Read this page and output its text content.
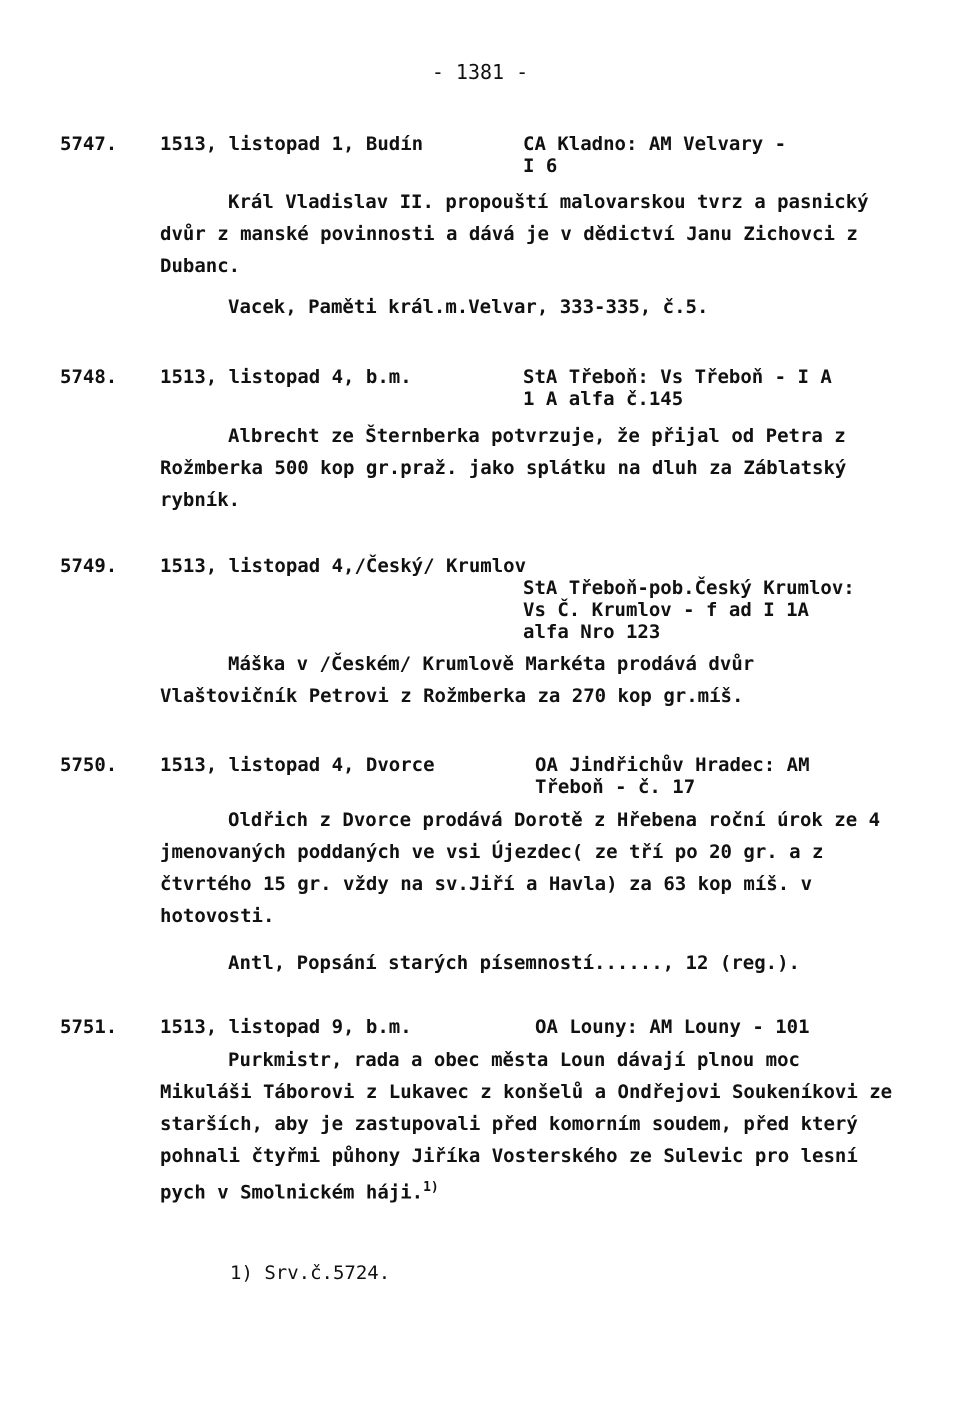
- 1381 -
5747. 1513, listopad 1, Budín	CA Kladno: AM Velvary -
I 6
Král Vladislav II. propouští malovarskou tvrz a pasnický dvůr z manské povinnosti a dává je v dědictví Janu Zichovci z Dubanc.
Vacek, Paměti král.m.Velvar, 333-335, č.5.
5748. 1513, listopad 4, b.m.	StA Třeboň: Vs Třeboň - I A
1 A alfa č.145
Albrecht ze Šternberka potvrzuje, že přijal od Petra z Rožmberka 500 kop gr.praž. jako splátku na dluh za Záblatský rybník.
5749. 1513, listopad 4,/Český/ Krumlov
StA Třeboň-pob.Český Krumlov:
Vs Č. Krumlov - f ad I 1A
alfa Nro 123
Máška v /Českém/ Krumlově Markéta prodává dvůr Vlaštovičník Petrovi z Rožmberka za 270 kop gr.míš.
5750. 1513, listopad 4, Dvorce	OA Jindřichův Hradec: AM
Třeboň - č. 17
Oldřich z Dvorce prodává Dorotě z Hřebena roční úrok ze 4 jmenovaných poddaných ve vsi Újezdec( ze tří po 20 gr. a z čtvrtého 15 gr. vždy na sv.Jiří a Havla) za 63 kop míš. v hotovosti.
Antl, Popsání starých písemností......, 12 (reg.).
5751. 1513, listopad 9, b.m.	OA Louny: AM Louny - 101
Purkmistr, rada a obec města Loun dávají plnou moc Mikuláši Táborovi z Lukavec z konšelů a Ondřejovi Soukeníkovi ze starších, aby je zastupovali před komorním soudem, před který pohnali čtyřmi půhony Jiříka Vosterského ze Sulevic pro lesní pych v Smolnickém háji.$^{1)}$
1) Srv.č.5724.
